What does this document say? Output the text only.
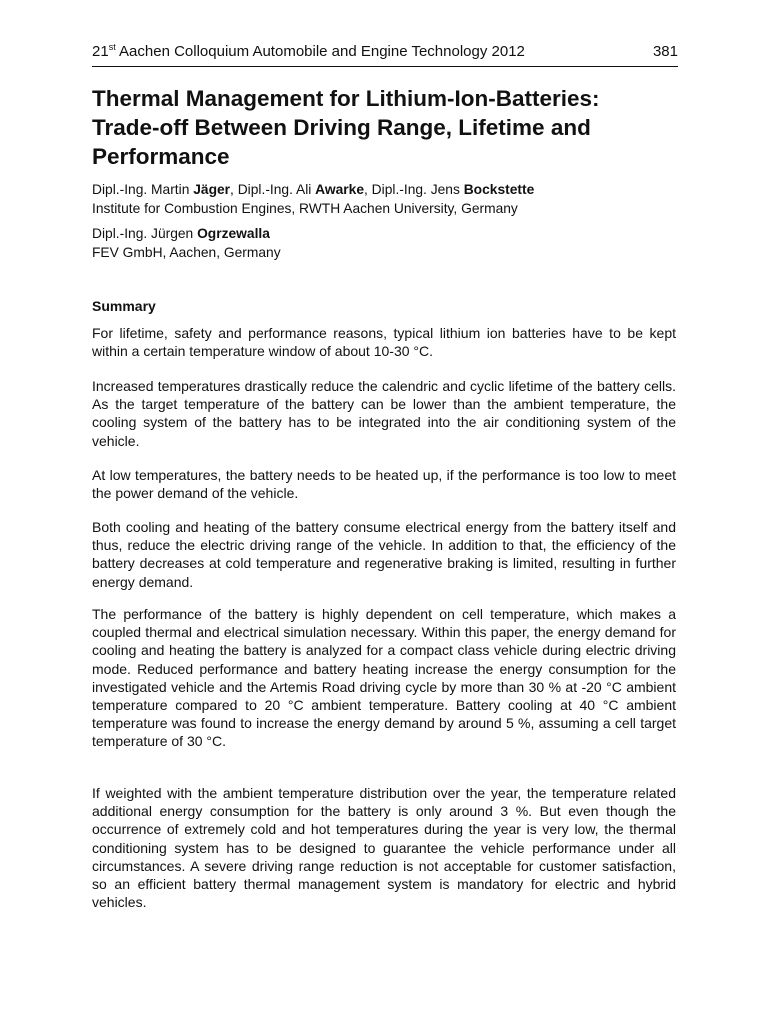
21st Aachen Colloquium Automobile and Engine Technology 2012	381
Thermal Management for Lithium-Ion-Batteries:
Trade-off Between Driving Range, Lifetime and
Performance
Dipl.-Ing. Martin Jäger, Dipl.-Ing. Ali Awarke, Dipl.-Ing. Jens Bockstette
Institute for Combustion Engines, RWTH Aachen University, Germany
Dipl.-Ing. Jürgen Ogrzewalla
FEV GmbH, Aachen, Germany
Summary

For lifetime, safety and performance reasons, typical lithium ion batteries have to be kept within a certain temperature window of about 10-30 °C.

Increased temperatures drastically reduce the calendric and cyclic lifetime of the battery cells. As the target temperature of the battery can be lower than the ambient temperature, the cooling system of the battery has to be integrated into the air conditioning system of the vehicle.

At low temperatures, the battery needs to be heated up, if the performance is too low to meet the power demand of the vehicle.

Both cooling and heating of the battery consume electrical energy from the battery itself and thus, reduce the electric driving range of the vehicle. In addition to that, the efficiency of the battery decreases at cold temperature and regenerative braking is limited, resulting in further energy demand.

The performance of the battery is highly dependent on cell temperature, which makes a coupled thermal and electrical simulation necessary. Within this paper, the energy demand for cooling and heating the battery is analyzed for a compact class vehicle during electric driving mode. Reduced performance and battery heating increase the energy consumption for the investigated vehicle and the Artemis Road driving cycle by more than 30 % at -20 °C ambient temperature compared to 20 °C ambient temperature. Battery cooling at 40 °C ambient temperature was found to increase the energy demand by around 5 %, assuming a cell target temperature of 30 °C.

If weighted with the ambient temperature distribution over the year, the temperature related additional energy consumption for the battery is only around 3 %. But even though the occurrence of extremely cold and hot temperatures during the year is very low, the thermal conditioning system has to be designed to guarantee the vehicle performance under all circumstances. A severe driving range reduction is not acceptable for customer satisfaction, so an efficient battery thermal management system is mandatory for electric and hybrid vehicles.
